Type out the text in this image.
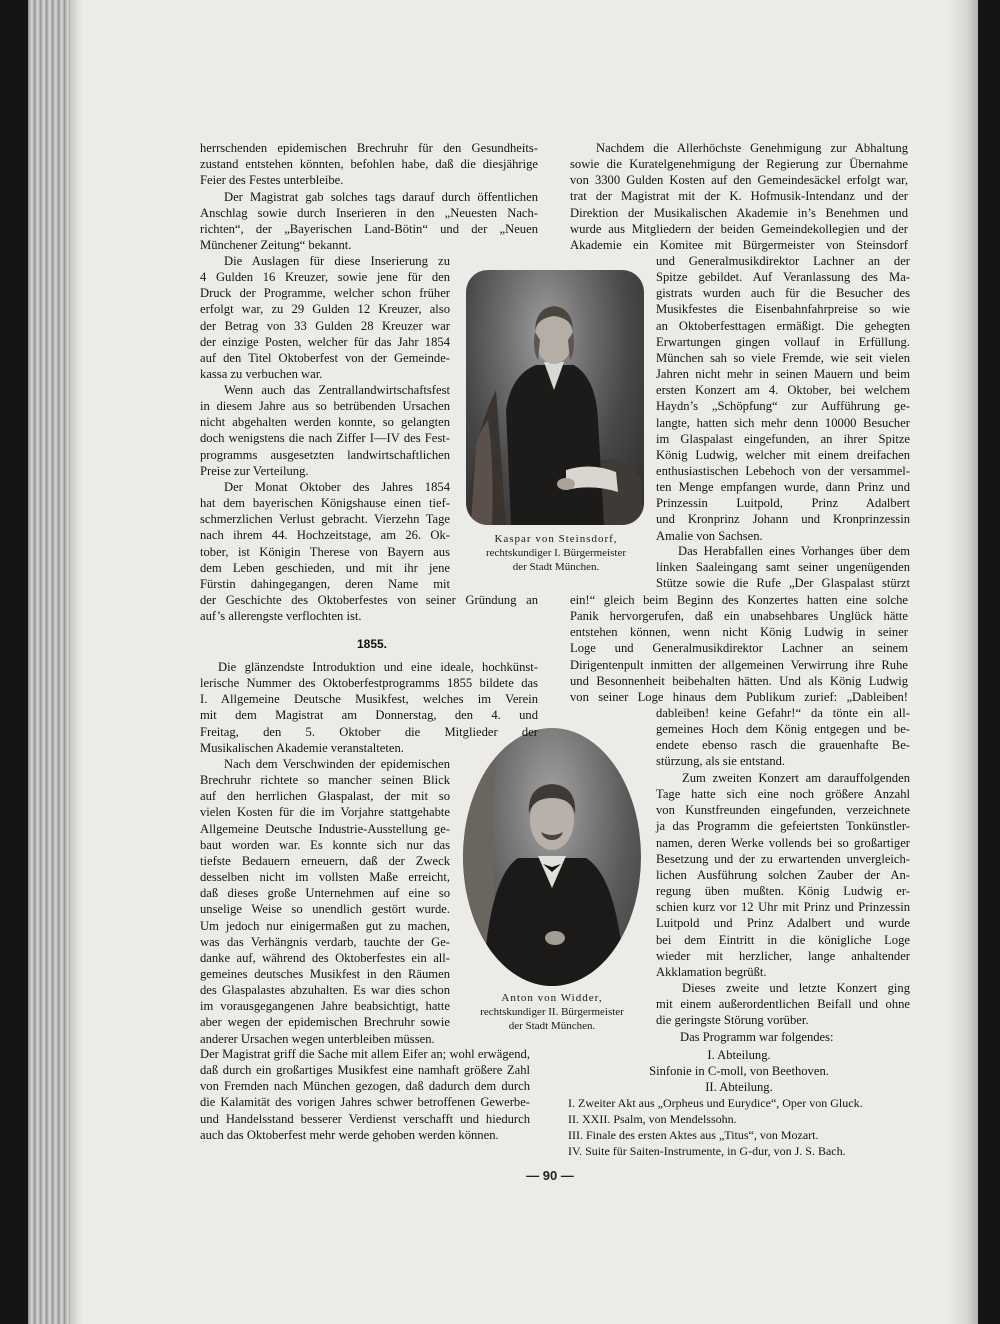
Kaspar von Steinsdorf,
rechtskundiger I. Bürgermeister
der Stadt München.
Anton von Widder,
rechtskundiger II. Bürgermeister
der Stadt München.
herrschenden epidemischen Brechruhr für den Gesundheits-
zustand entstehen könnten, befohlen habe, daß die diesjährige
Feier des Festes unterbleibe.
Der Magistrat gab solches tags darauf durch öffentlichen
Anschlag sowie durch Inserieren in den „Neuesten Nach-
richten“, der „Bayerischen Land-Bötin“ und der „Neuen
Münchener Zeitung“ bekannt.
Die Auslagen für diese Inserierung zu
4 Gulden 16 Kreuzer, sowie jene für den
Druck der Programme, welcher schon früher
erfolgt war, zu 29 Gulden 12 Kreuzer, also
der Betrag von 33 Gulden 28 Kreuzer war
der einzige Posten, welcher für das Jahr 1854
auf den Titel Oktoberfest von der Gemeinde-
kassa zu verbuchen war.
Wenn auch das Zentrallandwirtschaftsfest
in diesem Jahre aus so betrübenden Ursachen
nicht abgehalten werden konnte, so gelangten
doch wenigstens die nach Ziffer I—IV des Fest-
programms ausgesetzten landwirtschaftlichen
Preise zur Verteilung.
Der Monat Oktober des Jahres 1854
hat dem bayerischen Königshause einen tief-
schmerzlichen Verlust gebracht. Vierzehn Tage
nach ihrem 44. Hochzeitstage, am 26. Ok-
tober, ist Königin Therese von Bayern aus
dem Leben geschieden, und mit ihr jene
Fürstin dahingegangen, deren Name mit
der Geschichte des Oktoberfestes von seiner Gründung an
auf’s allerengste verflochten ist.
Die glänzendste Introduktion und eine ideale, hochkünst-
lerische Nummer des Oktoberfestprogramms 1855 bildete das
I. Allgemeine Deutsche Musikfest, welches im Verein
mit dem Magistrat am Donnerstag, den 4. und
Freitag, den 5. Oktober die Mitglieder der
Musikalischen Akademie veranstalteten.
Nach dem Verschwinden der epidemischen
Brechruhr richtete so mancher seinen Blick
auf den herrlichen Glaspalast, der mit so
vielen Kosten für die im Vorjahre stattgehabte
Allgemeine Deutsche Industrie-Ausstellung ge-
baut worden war. Es konnte sich nur das
tiefste Bedauern erneuern, daß der Zweck
desselben nicht im vollsten Maße erreicht,
daß dieses große Unternehmen auf eine so
unselige Weise so unendlich gestört wurde.
Um jedoch nur einigermaßen gut zu machen,
was das Verhängnis verdarb, tauchte der Ge-
danke auf, während des Oktoberfestes ein all-
gemeines deutsches Musikfest in den Räumen
des Glaspalastes abzuhalten. Es war dies schon
im vorausgegangenen Jahre beabsichtigt, hatte
aber wegen der epidemischen Brechruhr sowie
anderer Ursachen wegen unterbleiben müssen.
Der Magistrat griff die Sache mit allem Eifer an; wohl erwägend,
daß durch ein großartiges Musikfest eine namhaft größere Zahl
von Fremden nach München gezogen, daß dadurch dem durch
die Kalamität des vorigen Jahres schwer betroffenen Gewerbe-
und Handelsstand besserer Verdienst verschafft und hiedurch
auch das Oktoberfest mehr werde gehoben werden können.
1855.
Nachdem die Allerhöchste Genehmigung zur Abhaltung
sowie die Kuratelgenehmigung der Regierung zur Übernahme
von 3300 Gulden Kosten auf den Gemeindesäckel erfolgt war,
trat der Magistrat mit der K. Hofmusik-Intendanz und der
Direktion der Musikalischen Akademie in’s Benehmen und
wurde aus Mitgliedern der beiden Gemeindekollegien und der
Akademie ein Komitee mit Bürgermeister von Steinsdorf
und Generalmusikdirektor Lachner an der
Spitze gebildet. Auf Veranlassung des Ma-
gistrats wurden auch für die Besucher des
Musikfestes die Eisenbahnfahrpreise so wie
an Oktoberfesttagen ermäßigt. Die gehegten
Erwartungen gingen vollauf in Erfüllung.
München sah so viele Fremde, wie seit vielen
Jahren nicht mehr in seinen Mauern und beim
ersten Konzert am 4. Oktober, bei welchem
Haydn’s „Schöpfung“ zur Aufführung ge-
langte, hatten sich mehr denn 10000 Besucher
im Glaspalast eingefunden, an ihrer Spitze
König Ludwig, welcher mit einem dreifachen
enthusiastischen Lebehoch von der versammel-
ten Menge empfangen wurde, dann Prinz und
Prinzessin Luitpold, Prinz Adalbert
und Kronprinz Johann und Kronprinzessin
Amalie von Sachsen.
Das Herabfallen eines Vorhanges über dem
linken Saaleingang samt seiner ungenügenden
Stütze sowie die Rufe „Der Glaspalast stürzt
ein!“ gleich beim Beginn des Konzertes hatten eine solche
Panik hervorgerufen, daß ein unabsehbares Unglück hätte
entstehen können, wenn nicht König Ludwig in seiner
Loge und Generalmusikdirektor Lachner an seinem
Dirigentenpult inmitten der allgemeinen Verwirrung ihre Ruhe
und Besonnenheit beibehalten hätten. Und als König Ludwig
von seiner Loge hinaus dem Publikum zurief: „Dableiben!
dableiben! keine Gefahr!“ da tönte ein all-
gemeines Hoch dem König entgegen und be-
endete ebenso rasch die grauenhafte Be-
stürzung, als sie entstand.
Zum zweiten Konzert am darauffolgenden
Tage hatte sich eine noch größere Anzahl
von Kunstfreunden eingefunden, verzeichnete
ja das Programm die gefeiertsten Tonkünstler-
namen, deren Werke vollends bei so großartiger
Besetzung und der zu erwartenden unvergleich-
lichen Ausführung solchen Zauber der An-
regung üben mußten. König Ludwig er-
schien kurz vor 12 Uhr mit Prinz und Prinzessin
Luitpold und Prinz Adalbert und wurde
bei dem Eintritt in die königliche Loge
wieder mit herzlicher, lange anhaltender
Akklamation begrüßt.
Dieses zweite und letzte Konzert ging
mit einem außerordentlichen Beifall und ohne
die geringste Störung vorüber.
Das Programm war folgendes:
I. Abteilung.
Sinfonie in C-moll, von Beethoven.
II. Abteilung.
I. Zweiter Akt aus „Orpheus und Eurydice“, Oper von Gluck.
II. XXII. Psalm, von Mendelssohn.
III. Finale des ersten Aktes aus „Titus“, von Mozart.
IV. Suite für Saiten-Instrumente, in G-dur, von J. S. Bach.
— 90 —
